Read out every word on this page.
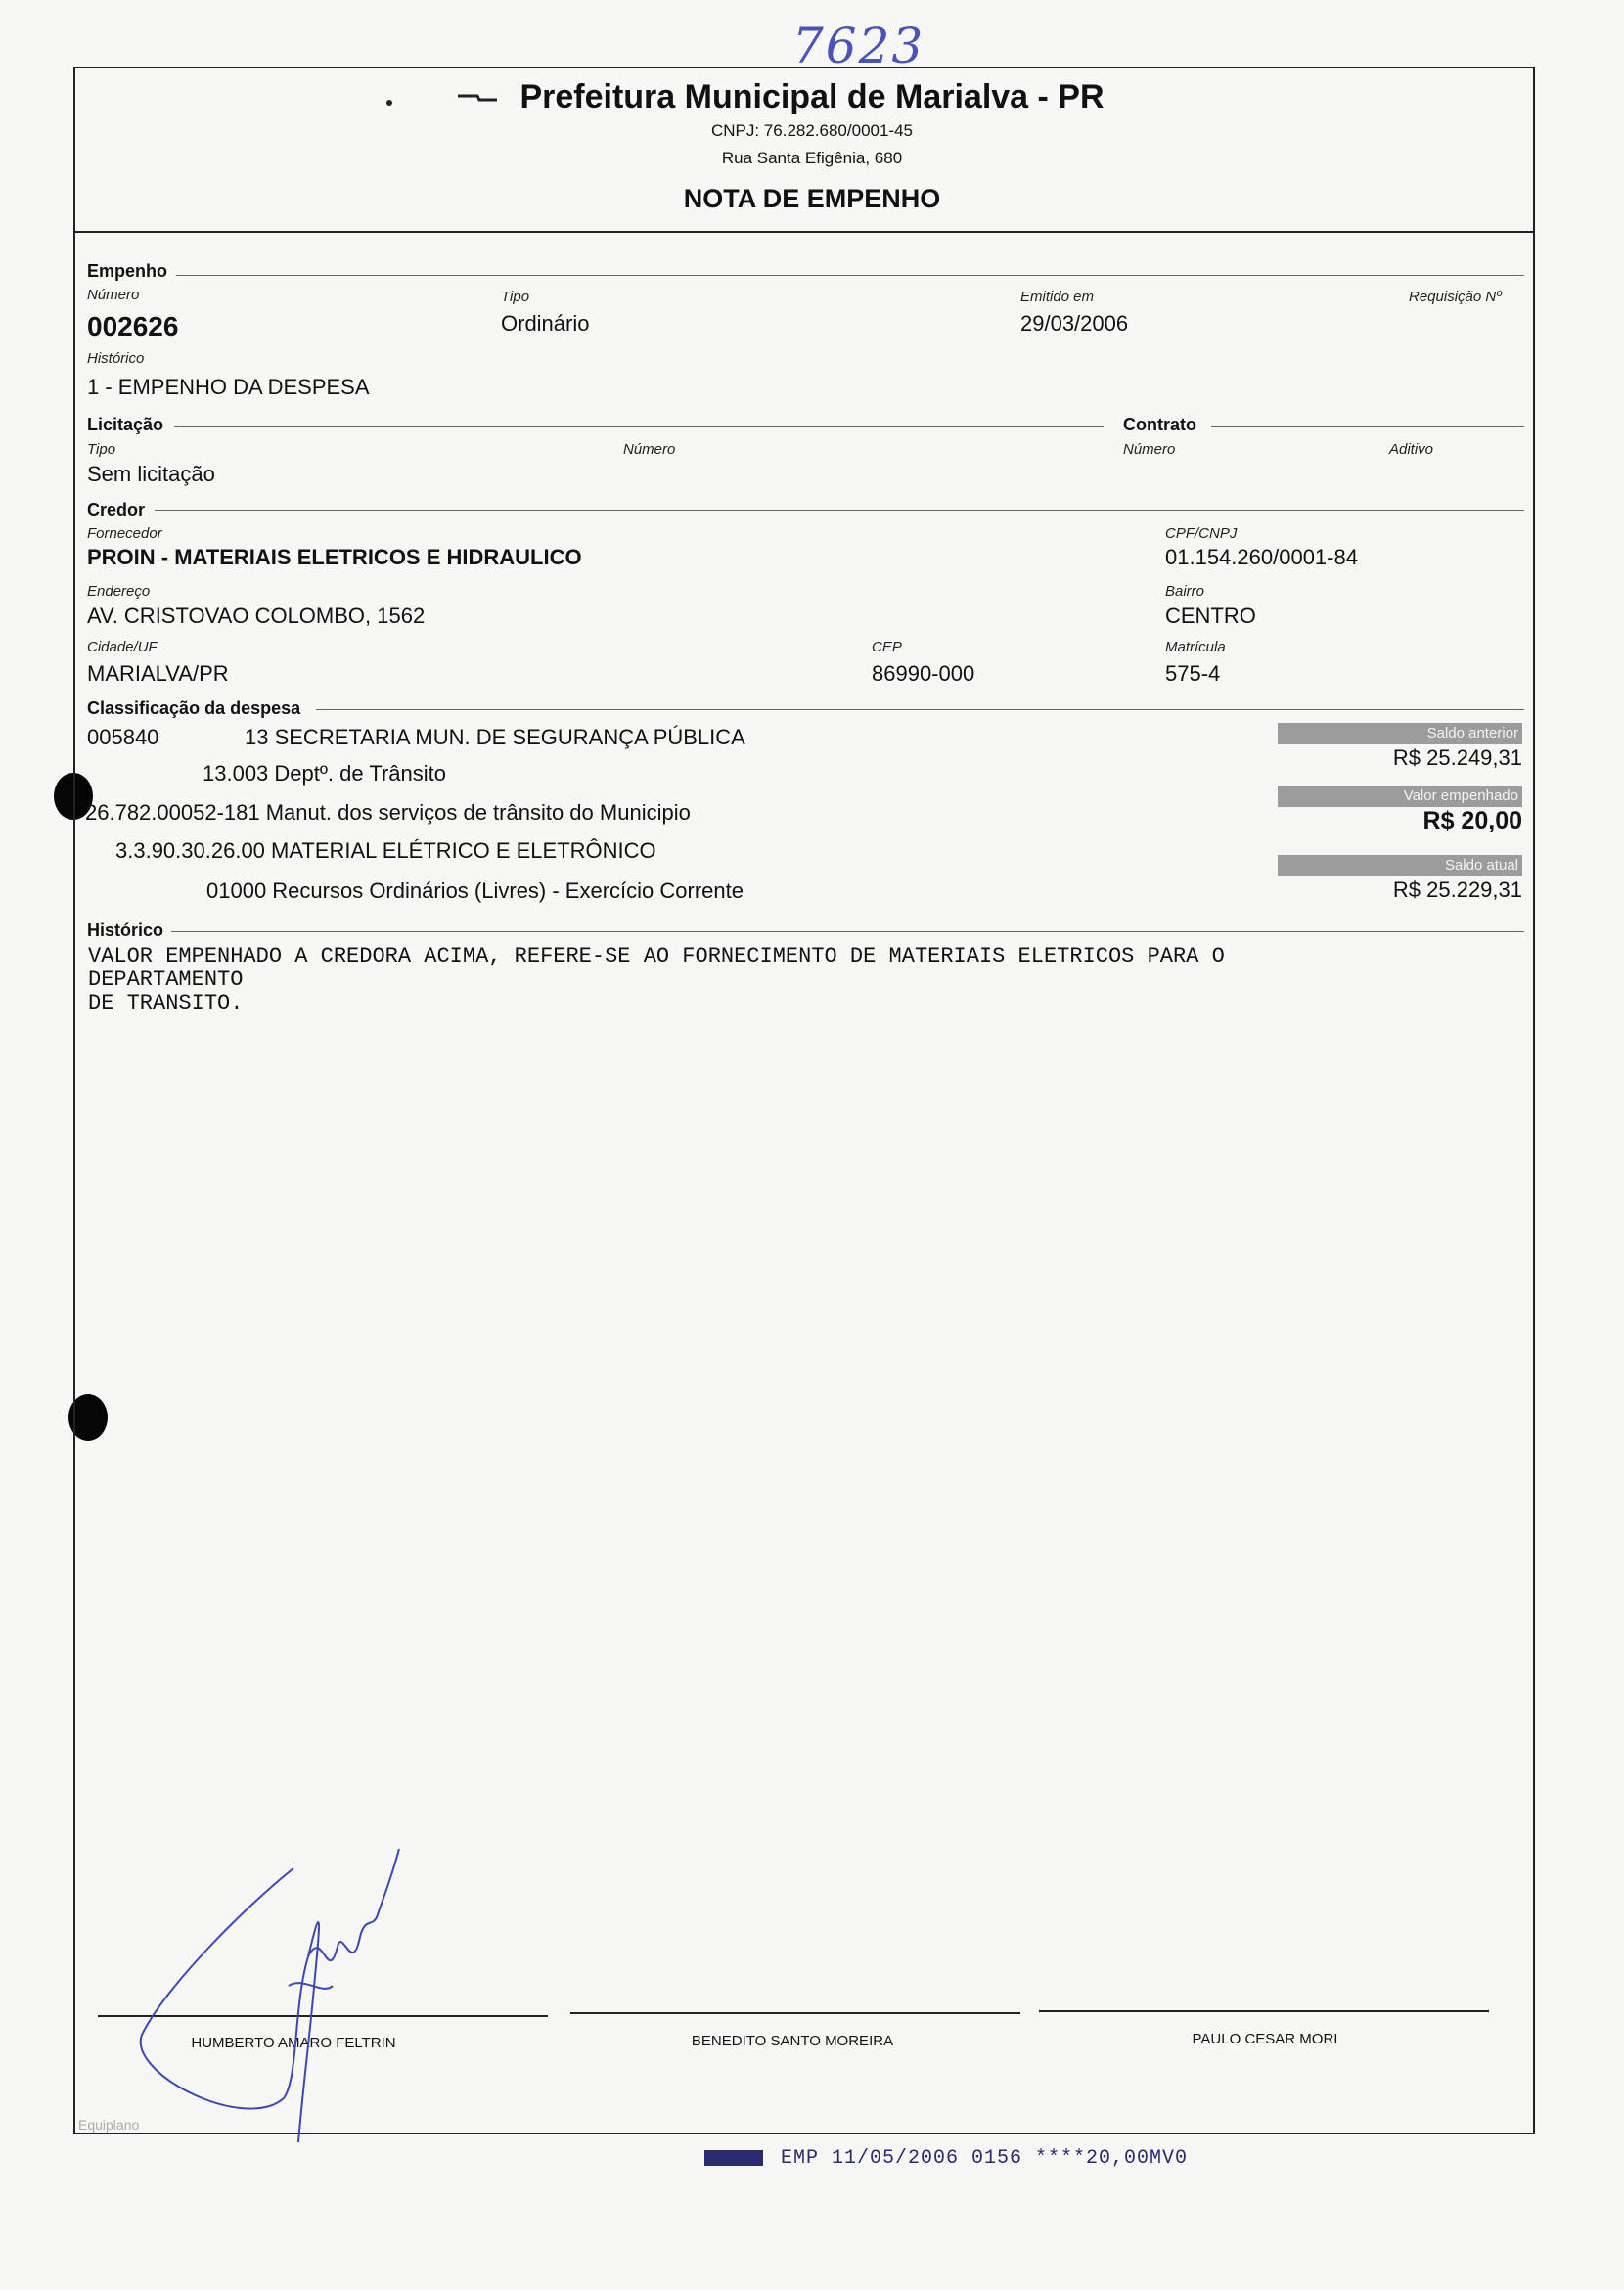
7623
Prefeitura Municipal de Marialva - PR
CNPJ: 76.282.680/0001-45
Rua Santa Efigênia, 680
NOTA DE EMPENHO
Empenho
Número
002626
Tipo
Ordinário
Emitido em
29/03/2006
Requisição Nº
Histórico
1 - EMPENHO DA DESPESA
Licitação	Contrato
Tipo
Sem licitação
Número	Número	Aditivo
Credor
Fornecedor
PROIN - MATERIAIS ELETRICOS E HIDRAULICO
CPF/CNPJ
01.154.260/0001-84
Endereço
AV. CRISTOVAO COLOMBO, 1562
Bairro
CENTRO
Cidade/UF
MARIALVA/PR
CEP
86990-000
Matrícula
575-4
Classificação da despesa
005840	13 SECRETARIA MUN. DE SEGURANÇA PÚBLICA
13.003 Deptº. de Trânsito
26.782.00052-181 Manut. dos serviços de trânsito do Municipio
3.3.90.30.26.00 MATERIAL ELÉTRICO E ELETRÔNICO
01000 Recursos Ordinários (Livres) - Exercício Corrente
Saldo anterior
R$ 25.249,31
Valor empenhado
R$ 20,00
Saldo atual
R$ 25.229,31
Histórico
VALOR EMPENHADO A CREDORA ACIMA, REFERE-SE AO FORNECIMENTO DE MATERIAIS ELETRICOS PARA O
DEPARTAMENTO
DE TRANSITO.
HUMBERTO AMARO FELTRIN	BENEDITO SANTO MOREIRA	PAULO CESAR MORI
Equiplano
EMP 11/05/2006 0156 ****20,00MV0
